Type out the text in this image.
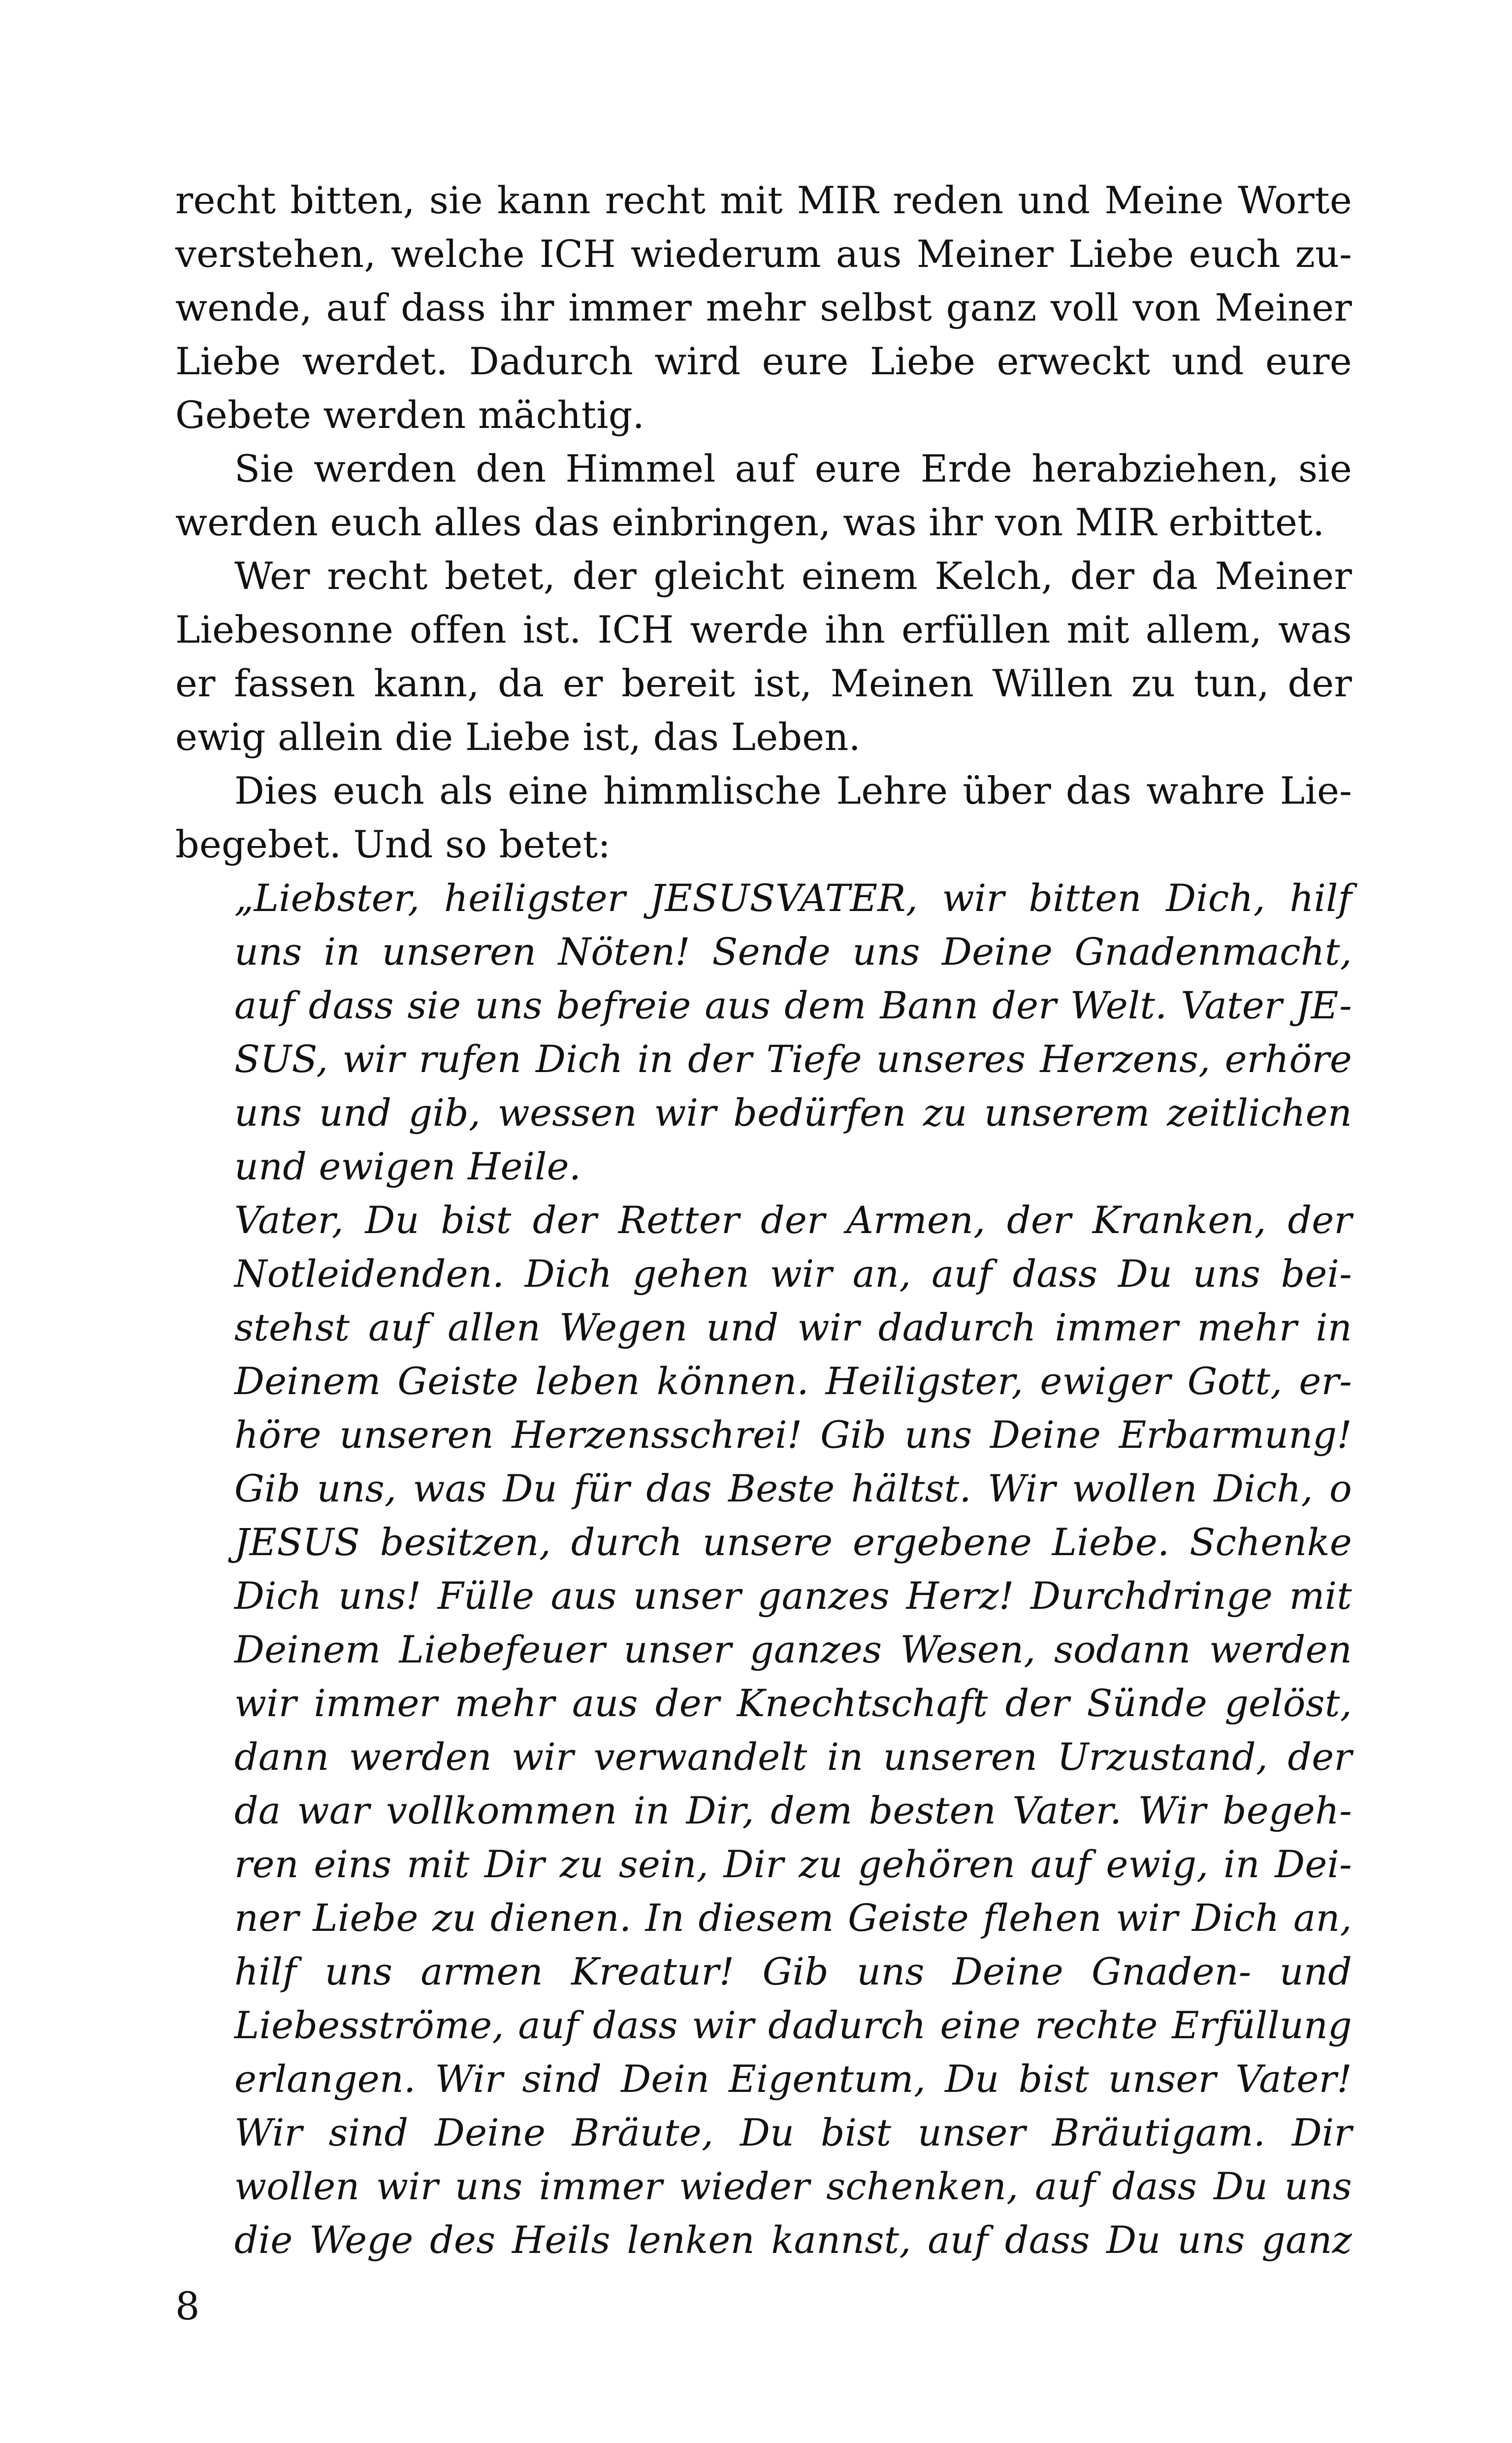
recht bitten, sie kann recht mit MIR reden und Meine Worte
verstehen, welche ICH wiederum aus Meiner Liebe euch zu-
wende, auf dass ihr immer mehr selbst ganz voll von Meiner
Liebe werdet. Dadurch wird eure Liebe erweckt und eure
Gebete werden mächtig.
Sie werden den Himmel auf eure Erde herabziehen, sie
werden euch alles das einbringen, was ihr von MIR erbittet.
Wer recht betet, der gleicht einem Kelch, der da Meiner
Liebesonne offen ist. ICH werde ihn erfüllen mit allem, was
er fassen kann, da er bereit ist, Meinen Willen zu tun, der
ewig allein die Liebe ist, das Leben.
Dies euch als eine himmlische Lehre über das wahre Lie-
begebet. Und so betet:
„Liebster, heiligster JESUSVATER, wir bitten Dich, hilf
uns in unseren Nöten! Sende uns Deine Gnadenmacht,
auf dass sie uns befreie aus dem Bann der Welt. Vater JE-
SUS, wir rufen Dich in der Tiefe unseres Herzens, erhöre
uns und gib, wessen wir bedürfen zu unserem zeitlichen
und ewigen Heile.
Vater, Du bist der Retter der Armen, der Kranken, der
Notleidenden. Dich gehen wir an, auf dass Du uns bei-
stehst auf allen Wegen und wir dadurch immer mehr in
Deinem Geiste leben können. Heiligster, ewiger Gott, er-
höre unseren Herzensschrei! Gib uns Deine Erbarmung!
Gib uns, was Du für das Beste hältst. Wir wollen Dich, o
JESUS besitzen, durch unsere ergebene Liebe. Schenke
Dich uns! Fülle aus unser ganzes Herz! Durchdringe mit
Deinem Liebefeuer unser ganzes Wesen, sodann werden
wir immer mehr aus der Knechtschaft der Sünde gelöst,
dann werden wir verwandelt in unseren Urzustand, der
da war vollkommen in Dir, dem besten Vater. Wir begeh-
ren eins mit Dir zu sein, Dir zu gehören auf ewig, in Dei-
ner Liebe zu dienen. In diesem Geiste flehen wir Dich an,
hilf uns armen Kreatur! Gib uns Deine Gnaden- und
Liebesströme, auf dass wir dadurch eine rechte Erfüllung
erlangen. Wir sind Dein Eigentum, Du bist unser Vater!
Wir sind Deine Bräute, Du bist unser Bräutigam. Dir
wollen wir uns immer wieder schenken, auf dass Du uns
die Wege des Heils lenken kannst, auf dass Du uns ganz
8
